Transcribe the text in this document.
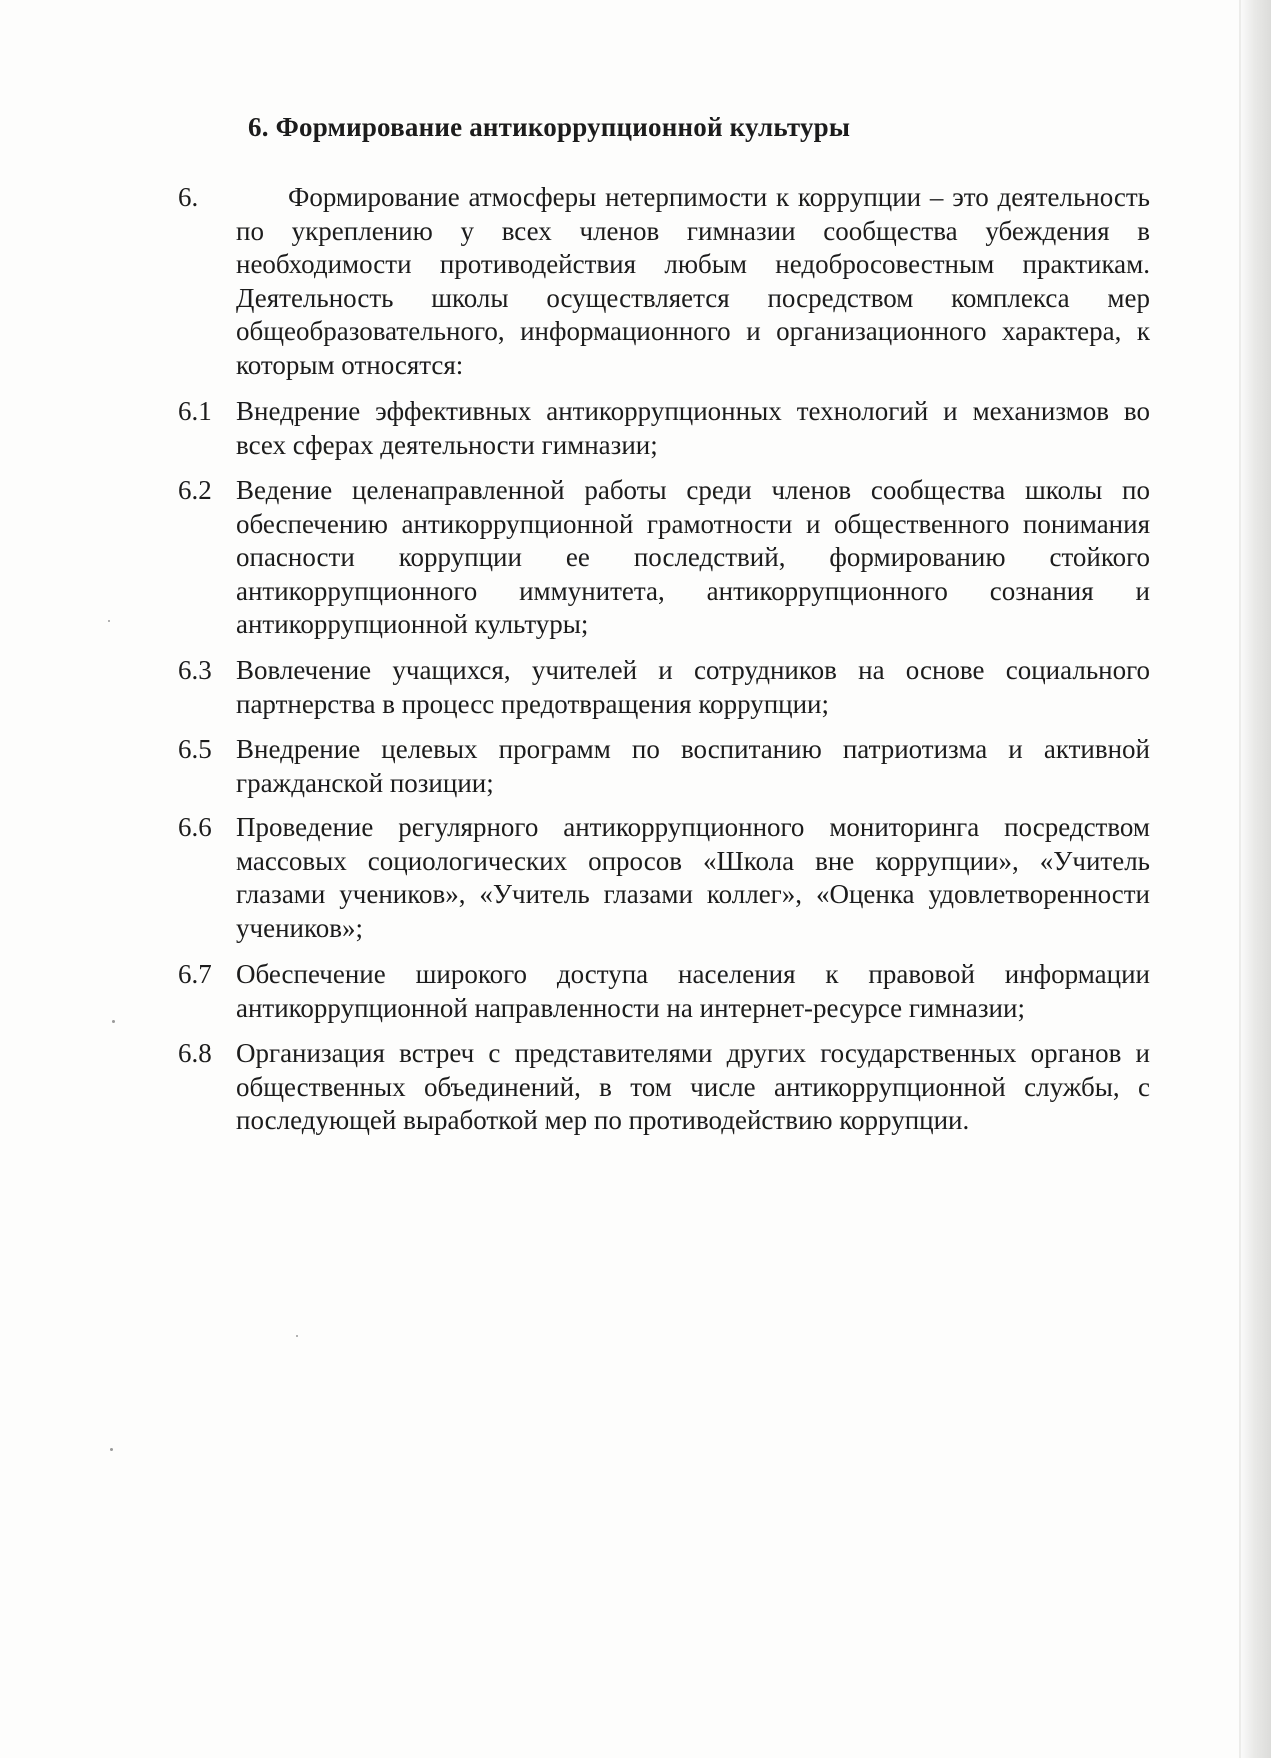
6. Формирование антикоррупционной культуры
6.	Формирование атмосферы нетерпимости к коррупции – это деятельность по укреплению у всех членов гимназии сообщества убеждения в необходимости противодействия любым недобросовестным практикам. Деятельность школы осуществляется посредством комплекса мер общеобразовательного, информационного и организационного характера, к которым относятся:
6.1 Внедрение эффективных антикоррупционных технологий и механизмов во всех сферах деятельности гимназии;
6.2 Ведение целенаправленной работы среди членов сообщества школы по обеспечению антикоррупционной грамотности и общественного понимания опасности коррупции ее последствий, формированию стойкого антикоррупционного иммунитета, антикоррупционного сознания и антикоррупционной культуры;
6.3 Вовлечение учащихся, учителей и сотрудников на основе социального партнерства в процесс предотвращения коррупции;
6.5 Внедрение целевых программ по воспитанию патриотизма и активной гражданской позиции;
6.6 Проведение регулярного антикоррупционного мониторинга посредством массовых социологических опросов «Школа вне коррупции», «Учитель глазами учеников», «Учитель глазами коллег», «Оценка удовлетворенности учеников»;
6.7 Обеспечение широкого доступа населения к правовой информации антикоррупционной направленности на интернет-ресурсе гимназии;
6.8 Организация встреч с представителями других государственных органов и общественных объединений, в том числе антикоррупционной службы, с последующей выработкой мер по противодействию коррупции.
